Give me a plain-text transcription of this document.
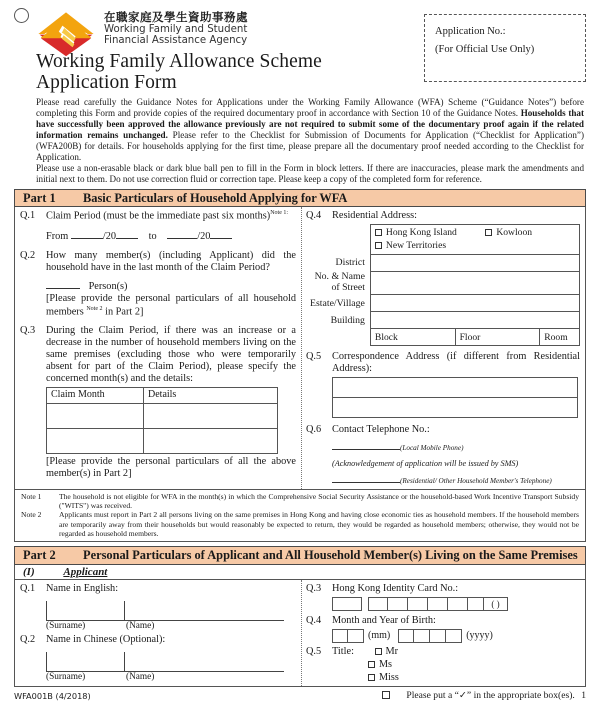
在職家庭及學生資助事務處
Working Family and Student
Financial Assistance Agency
Application No.:
(For Official Use Only)
Working Family Allowance Scheme
Application Form

Please read carefully the Guidance Notes for Applications under the Working Family Allowance (WFA) Scheme (“Guidance Notes”) before completing this Form and provide copies of the required documentary proof in accordance with Section 10 of the Guidance Notes. Households that have successfully been approved the allowance previously are not required to submit some of the documentary proof again if the related information remains unchanged. Please refer to the Checklist for Submission of Documents for Application (“Checklist for Application”) (WFA200B) for details. For households applying for the first time, please prepare all the documentary proof needed according to the Checklist for Application.

Please use a non-erasable black or dark blue ball pen to fill in the Form in block letters. If there are inaccuracies, please mark the amendments and initial next to them. Do not use correction fluid or correction tape. Please keep a copy of the completed form for reference.

Part 1	Basic Particulars of Household Applying for WFA
Q.1	Claim Period (must be the immediate past six months)$^{Note 1:}$
From	/20	to	/20
Q.2	How many member(s) (including Applicant) did the household have in the last month of the Claim Period?
Person(s)
[Please provide the personal particulars of all household members $^{Note 2}$ in Part 2]
Q.3	During the Claim Period, if there was an increase or a decrease in the number of household members living on the same premises (excluding those who were temporarily absent for part of the Claim Period), please specify the concerned month(s) and the details:
Claim Month	Details

[Please provide the personal particulars of all the above member(s) in Part 2]
Q.4	Residential Address:
	Hong Kong Island Kowloon
New Territories		
District			
No. & Name of Street			
Estate/Village			
Building			
	Block	Floor	Room
Q.5	Correspondence Address (if different from Residential Address):

Q.6	Contact Telephone No.:
(Local Mobile Phone)
(Acknowledgement of application will be issued by SMS)
(Residential/ Other Household Member's Telephone)
Note 1	The household is not eligible for WFA in the month(s) in which the Comprehensive Social Security Assistance or the household-based Work Incentive Transport Subsidy ("WITS") was received.
Note 2	Applicants must report in Part 2 all persons living on the same premises in Hong Kong and having close economic ties as household members. If the household members are temporarily away from their households but would reasonably be expected to return, they would be regarded as household members; otherwise, they would not be regarded as household members.
Part 2	Personal Particulars of Applicant and All Household Member(s) Living on the Same Premises
(I)	Applicant
Q.1	Name in English:
(Surname)	(Name)
Q.2	Name in Chinese (Optional):
(Surname)	(Name)
Q.3	Hong Kong Identity Card No.:
( )
Q.4	Month and Year of Birth:
(mm)	(yyyy)
Q.5	Title:	Mr
Ms
Miss
WFA001B (4/2018)	Please put a “✓” in the appropriate box(es). 1
